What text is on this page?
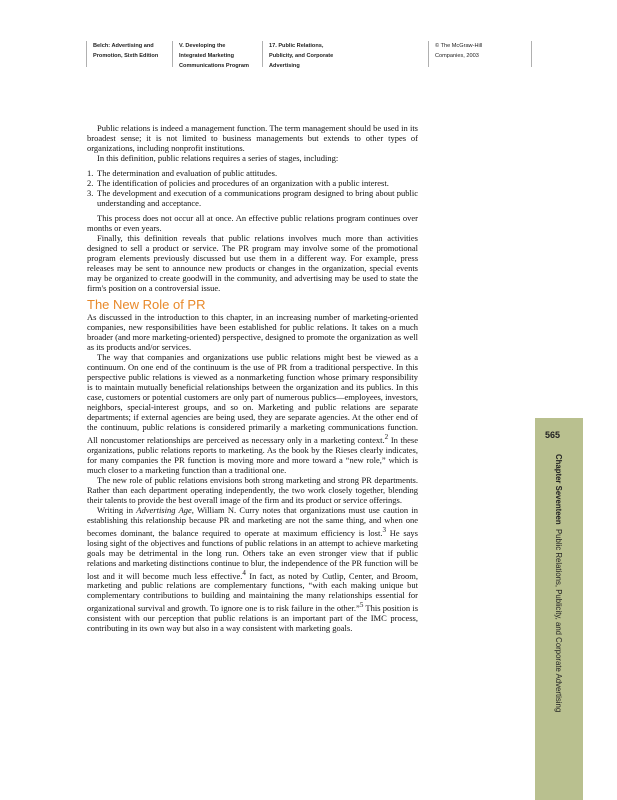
Belch: Advertising and
Promotion, Sixth Edition
V. Developing the
Integrated Marketing
Communications Program
17. Public Relations,
Publicity, and Corporate
Advertising
© The McGraw-Hill
Companies, 2003

Public relations is indeed a management function. The term management should be used in its broadest sense; it is not limited to business managements but extends to other types of organizations, including nonprofit institutions.

In this definition, public relations requires a series of stages, including:

1. The determination and evaluation of public attitudes.
2. The identification of policies and procedures of an organization with a public interest.
3. The development and execution of a communications program designed to bring about public understanding and acceptance.

This process does not occur all at once. An effective public relations program continues over months or even years.

Finally, this definition reveals that public relations involves much more than activities designed to sell a product or service. The PR program may involve some of the promotional program elements previously discussed but use them in a different way. For example, press releases may be sent to announce new products or changes in the organization, special events may be organized to create goodwill in the community, and advertising may be used to state the firm's position on a controversial issue.

The New Role of PR

As discussed in the introduction to this chapter, in an increasing number of marketing-oriented companies, new responsibilities have been established for public relations. It takes on a much broader (and more marketing-oriented) perspective, designed to promote the organization as well as its products and/or services.

The way that companies and organizations use public relations might best be viewed as a continuum. On one end of the continuum is the use of PR from a traditional perspective. In this perspective public relations is viewed as a nonmarketing function whose primary responsibility is to maintain mutually beneficial relationships between the organization and its publics. In this case, customers or potential customers are only part of numerous publics—employees, investors, neighbors, special-interest groups, and so on. Marketing and public relations are separate departments; if external agencies are being used, they are separate agencies. At the other end of the continuum, public relations is considered primarily a marketing communications function. All noncustomer relationships are perceived as necessary only in a marketing context.$^2$ In these organizations, public relations reports to marketing. As the book by the Rieses clearly indicates, for many companies the PR function is moving more and more toward a “new role,” which is much closer to a marketing function than a traditional one.

The new role of public relations envisions both strong marketing and strong PR departments. Rather than each department operating independently, the two work closely together, blending their talents to provide the best overall image of the firm and its product or service offerings.

Writing in Advertising Age, William N. Curry notes that organizations must use caution in establishing this relationship because PR and marketing are not the same thing, and when one becomes dominant, the balance required to operate at maximum efficiency is lost.$^3$ He says losing sight of the objectives and functions of public relations in an attempt to achieve marketing goals may be detrimental in the long run. Others take an even stronger view that if public relations and marketing distinctions continue to blur, the independence of the PR function will be lost and it will become much less effective.$^4$ In fact, as noted by Cutlip, Center, and Broom, marketing and public relations are complementary functions, “with each making unique but complementary contributions to building and maintaining the many relationships essential for organizational survival and growth. To ignore one is to risk failure in the other.”$^5$ This position is consistent with our perception that public relations is an important part of the IMC process, contributing in its own way but also in a way consistent with marketing goals.

565
Chapter Seventeen  Public Relations, Publicity, and Corporate Advertising
